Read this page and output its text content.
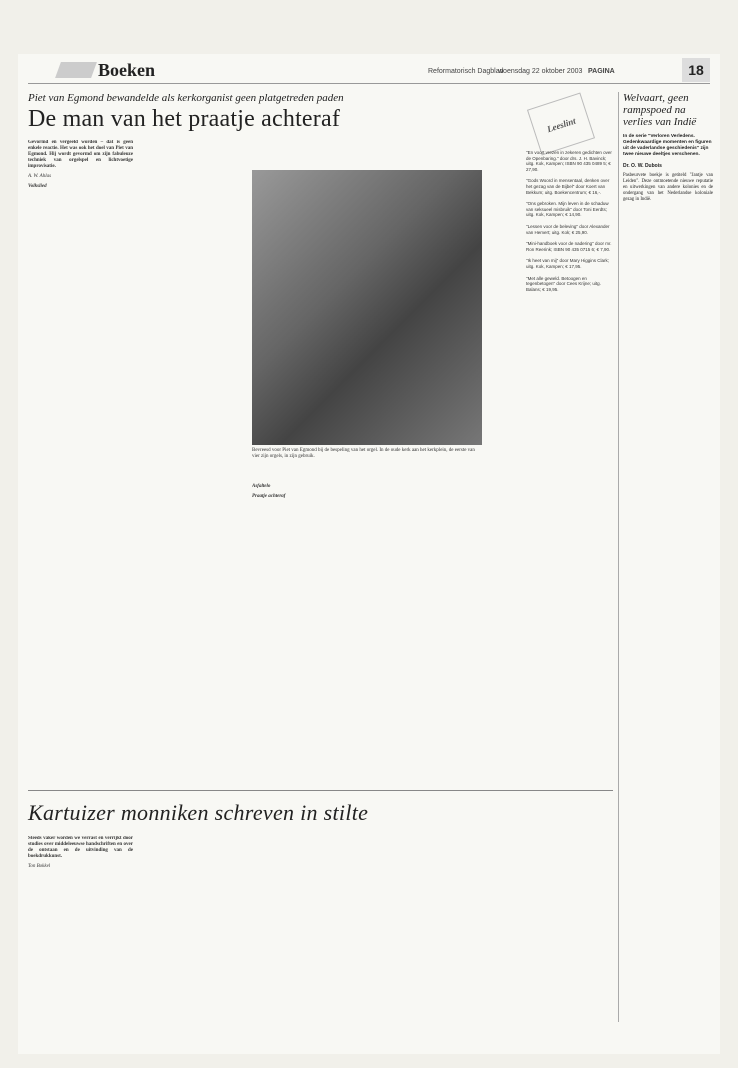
Boeken	Reformatorisch Dagblad
woensdag 22 oktober 2003 PAGINA	18
Piet van Egmond bewandelde als kerkorganist geen platgetreden paden
De man van het praatje achteraf
Gevormd en vergeeld worden – dat is geen enkele reactie. Het was ook het doel van Piet van Egmond. Hij wordt gevormd om zijn fabuleuze techniek van orgelspel en lichtvoetige improvisatie.
A. W. Ahlas
Volkslied
Bevreesd voor Piet van Egmond bij de bespeling van het orgel. In de oude kerk aan het kerkplein, de eerste van vier zijn orgels, in zijn gebruik.
Asfaltelo
Praatje achteraf
Leeslint

"En voort vrezen in zekeren gedichten over de Openbaring." door drs. J. H. Bavinck; uitg. Kok, Kampen; ISBN 90 435 0489 5; € 27,90.

"Gods Woord in mensentaal, denken over het gezag van de Bijbel" door Koert van Bekkum; uitg. Boekencentrum; € 16,-.

"Ons gebroken. Mijn leven in de schaduw van seksueel misbruik" door Toni Eerdts; uitg. Kok, Kampen; € 14,90.

"Lessen voor de beleving" door Alexander van Hemert; uitg. Kok; € 25,90.

"Mini-handboek voor de nadering" door mr. Ron Reerink; ISBN 90 435 0715 6; € 7,90.

"Ik heet van mij" door Mary Higgins Clark; uitg. Kok, Kampen; € 17,95.

"Met alle geweld. Betoogen en tegenbetogen" door Cees Krijne; uitg. Balans; € 19,95.

Welvaart, geen rampspoed na verlies van Indië
In de serie "Verloren Verledens. Gedenkwaardige momenten en figuren uit de vaderlandse geschiedenis" zijn twee nieuwe deeltjes verschenen.
Dr. O. W. Dubois
Pasbeurvete boekje is getiteld "Jantje van Leiden". Deze ontmoetende nieuwe reputatie en uitwerkingen van andere kolonies en de ondergang van het Nederlandse koloniale gezag in Indië.
Kartuizer monniken schreven in stilte
Steeds vaker worden we verrast en verrijkt door studies over middeleeuwse handschriften en over de ontstaan en de uitvinding van de boekdrukkunst.
Ton Bokkel
